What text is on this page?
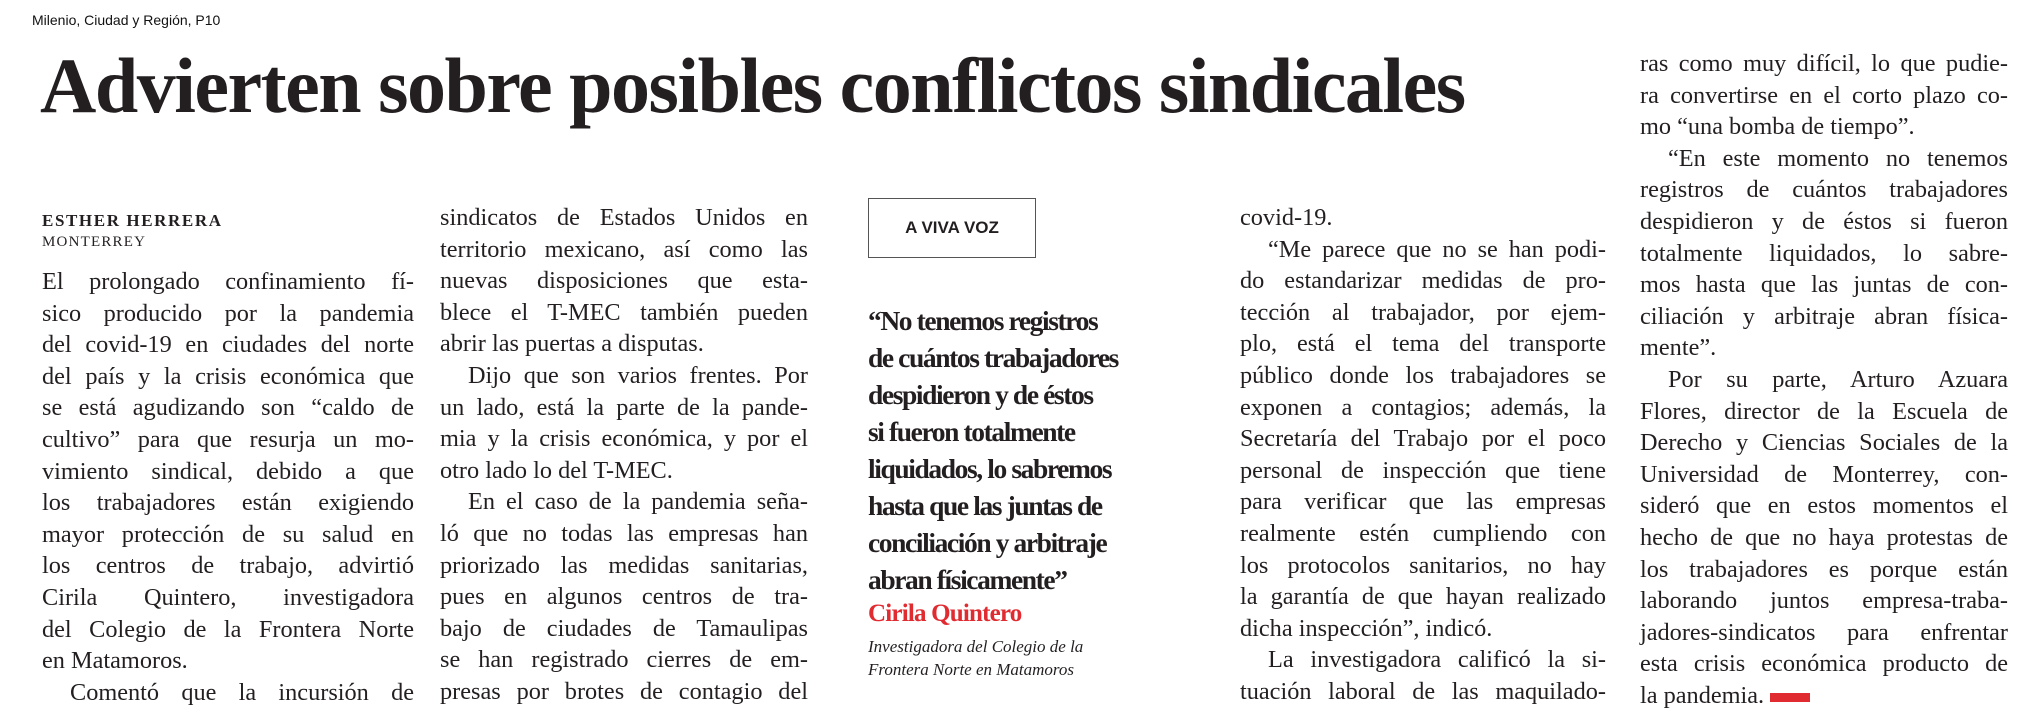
Milenio, Ciudad y Región, P10
Advierten sobre posibles conflictos sindicales
ESTHER HERRERA
MONTERREY
El prolongado confinamiento fí-
sico producido por la pandemia
del covid-19 en ciudades del norte
del país y la crisis económica que
se está agudizando son “caldo de
cultivo” para que resurja un mo-
vimiento sindical, debido a que
los trabajadores están exigiendo
mayor protección de su salud en
los centros de trabajo, advirtió
Cirila Quintero, investigadora
del Colegio de la Frontera Norte
en Matamoros.
Comentó que la incursión de
sindicatos de Estados Unidos en
territorio mexicano, así como las
nuevas disposiciones que esta-
blece el T-MEC también pueden
abrir las puertas a disputas.
Dijo que son varios frentes. Por
un lado, está la parte de la pande-
mia y la crisis económica, y por el
otro lado lo del T-MEC.
En el caso de la pandemia seña-
ló que no todas las empresas han
priorizado las medidas sanitarias,
pues en algunos centros de tra-
bajo de ciudades de Tamaulipas
se han registrado cierres de em-
presas por brotes de contagio del
A VIVA VOZ
“No tenemos registros
de cuántos trabajadores
despidieron y de éstos
si fueron totalmente
liquidados, lo sabremos
hasta que las juntas de
conciliación y arbitraje
abran físicamente”
Cirila Quintero
Investigadora del Colegio de la
Frontera Norte en Matamoros
covid-19.
“Me parece que no se han podi-
do estandarizar medidas de pro-
tección al trabajador, por ejem-
plo, está el tema del transporte
público donde los trabajadores se
exponen a contagios; además, la
Secretaría del Trabajo por el poco
personal de inspección que tiene
para verificar que las empresas
realmente estén cumpliendo con
los protocolos sanitarios, no hay
la garantía de que hayan realizado
dicha inspección”, indicó.
La investigadora calificó la si-
tuación laboral de las maquilado-
ras como muy difícil, lo que pudie-
ra convertirse en el corto plazo co-
mo “una bomba de tiempo”.
“En este momento no tenemos
registros de cuántos trabajadores
despidieron y de éstos si fueron
totalmente liquidados, lo sabre-
mos hasta que las juntas de con-
ciliación y arbitraje abran física-
mente”.
Por su parte, Arturo Azuara
Flores, director de la Escuela de
Derecho y Ciencias Sociales de la
Universidad de Monterrey, con-
sideró que en estos momentos el
hecho de que no haya protestas de
los trabajadores es porque están
laborando juntos empresa-traba-
jadores-sindicatos para enfrentar
esta crisis económica producto de
la pandemia.
